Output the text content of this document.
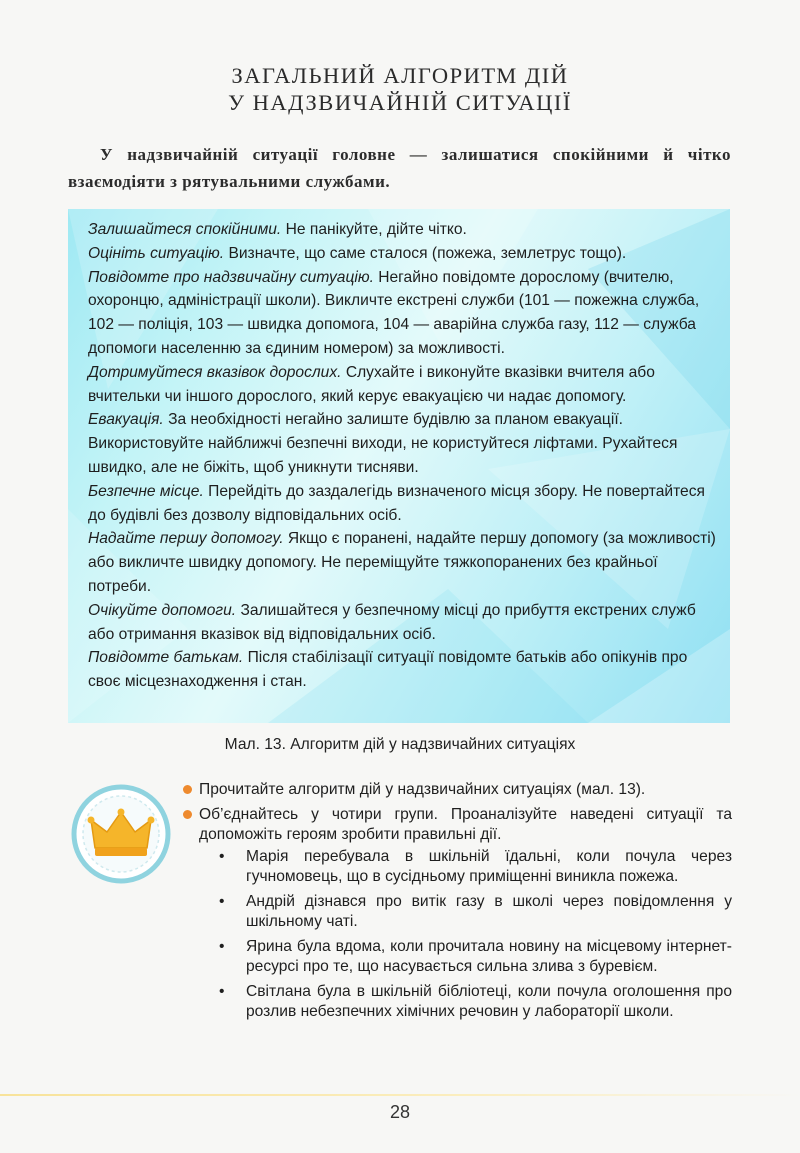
ЗАГАЛЬНИЙ АЛГОРИТМ ДІЙ
У НАДЗВИЧАЙНІЙ СИТУАЦІЇ
У надзвичайній ситуації головне — залишатися спокійними й чітко взаємодіяти з рятувальними службами.

Залишайтеся спокійними. Не панікуйте, дійте чітко.

Оцініть ситуацію. Визначте, що саме сталося (пожежа, землетрус тощо).

Повідомте про надзвичайну ситуацію. Негайно повідомте дорослому (вчителю, охоронцю, адміністрації школи). Викличте екстрені служби (101 — пожежна служба, 102 — поліція, 103 — швидка допомога, 104 — аварійна служба газу, 112 — служба допомоги населенню за єдиним номером) за можливості.

Дотримуйтеся вказівок дорослих. Слухайте і виконуйте вказівки вчителя або вчительки чи іншого дорослого, який керує евакуацією чи надає допомогу.

Евакуація. За необхідності негайно залиште будівлю за планом евакуації. Використовуйте найближчі безпечні виходи, не користуйтеся ліфтами. Рухайтеся швидко, але не біжіть, щоб уникнути тисняви.

Безпечне місце. Перейдіть до заздалегідь визначеного місця збору. Не повертайтеся до будівлі без дозволу відповідальних осіб.

Надайте першу допомогу. Якщо є поранені, надайте першу допомогу (за можливості) або викличте швидку допомогу. Не переміщуйте тяжкопоранених без крайньої потреби.

Очікуйте допомоги. Залишайтеся у безпечному місці до прибуття екстрених служб або отримання вказівок від відповідальних осіб.

Повідомте батькам. Після стабілізації ситуації повідомте батьків або опікунів про своє місцезнаходження і стан.

Мал. 13. Алгоритм дій у надзвичайних ситуаціях
Прочитайте алгоритм дій у надзвичайних ситуаціях (мал. 13).
Об’єднайтесь у чотири групи. Проаналізуйте наведені ситуації та допоможіть героям зробити правильні дії.
• Марія перебувала в шкільній їдальні, коли почула через гучномовець, що в сусідньому приміщенні виникла пожежа.
• Андрій дізнався про витік газу в школі через повідомлення у шкільному чаті.
• Ярина була вдома, коли прочитала новину на місцевому інтернет-ресурсі про те, що насувається сильна злива з буревієм.
• Світлана була в шкільній бібліотеці, коли почула оголошення про розлив небезпечних хімічних речовин у лабораторії школи.
28
